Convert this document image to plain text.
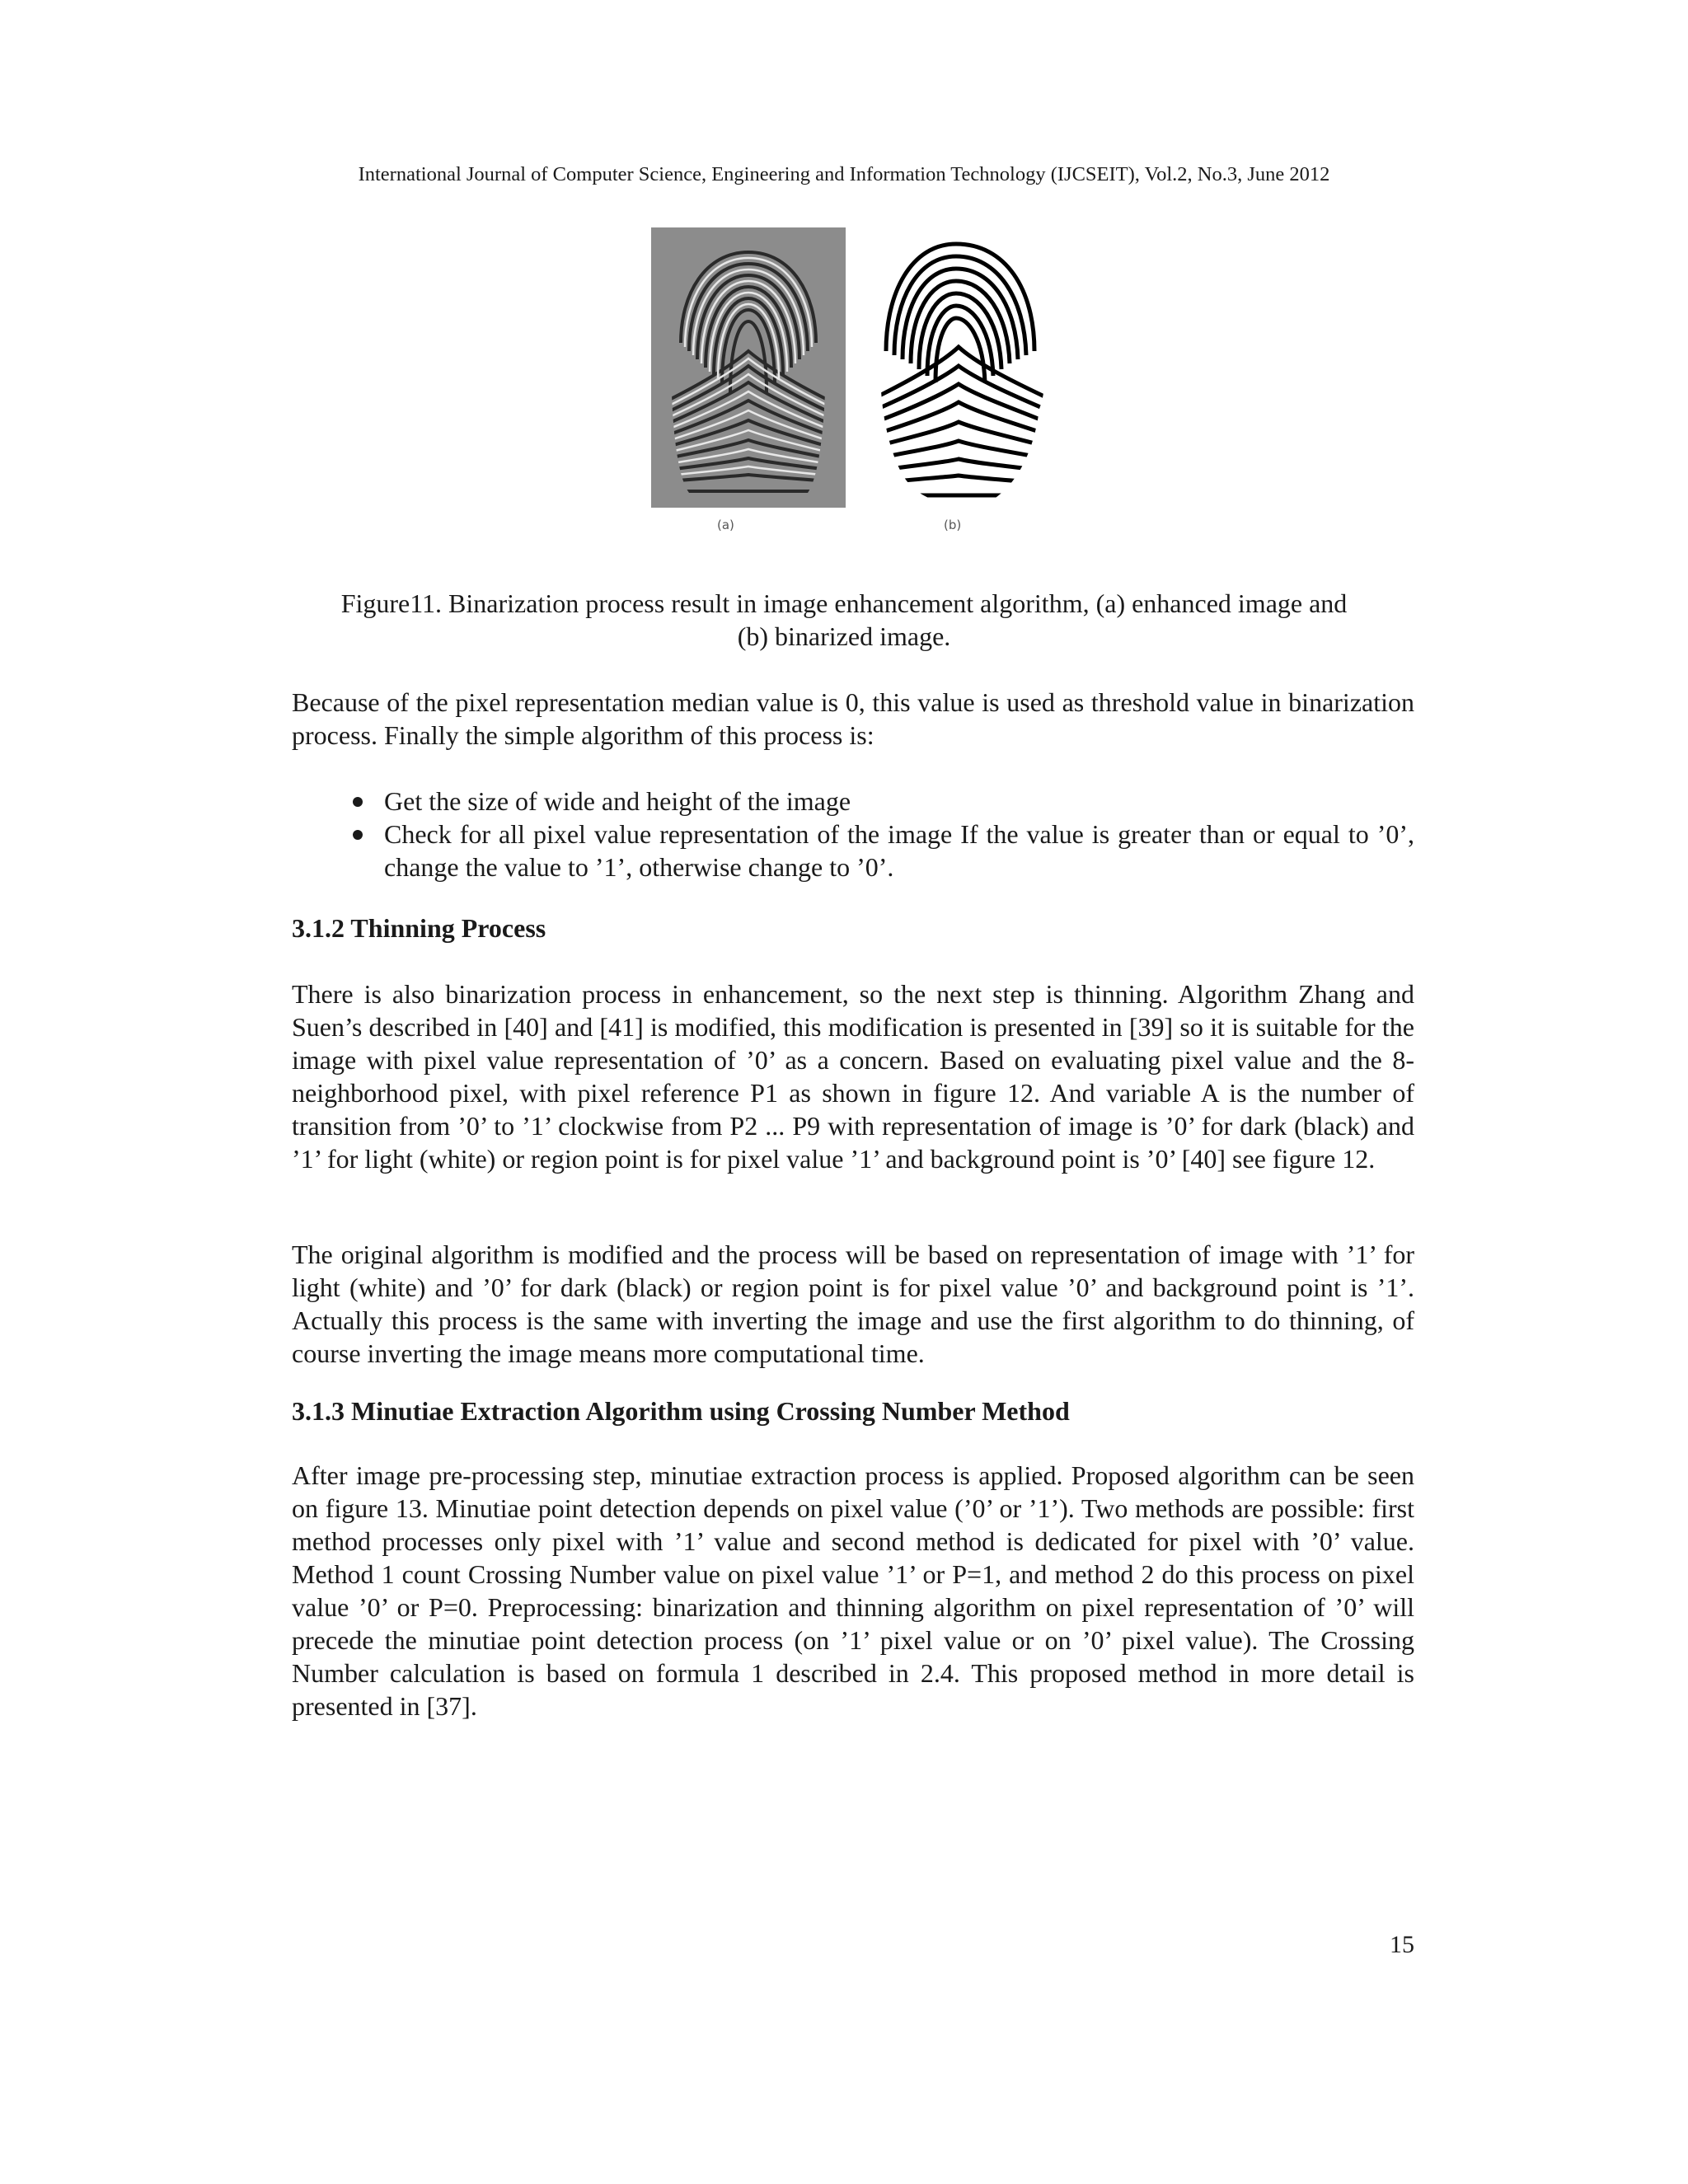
International Journal of Computer Science, Engineering and Information Technology (IJCSEIT), Vol.2, No.3, June 2012
(a)	(b)
Figure11. Binarization process result in image enhancement algorithm, (a) enhanced image and
(b) binarized image.

Because of the pixel representation median value is 0, this value is used as threshold value in binarization process. Finally the simple algorithm of this process is:

Get the size of wide and height of the image
Check for all pixel value representation of the image If the value is greater than or equal to ’0’, change the value to ’1’, otherwise change to ’0’.
3.1.2 Thinning Process

There is also binarization process in enhancement, so the next step is thinning. Algorithm Zhang and Suen’s described in [40] and [41] is modified, this modification is presented in [39] so it is suitable for the image with pixel value representation of ’0’ as a concern. Based on evaluating pixel value and the 8-neighborhood pixel, with pixel reference P1 as shown in figure 12. And variable A is the number of transition from ’0’ to ’1’ clockwise from P2 ... P9 with representation of image is ’0’ for dark (black) and ’1’ for light (white) or region point is for pixel value ’1’ and background point is ’0’ [40] see figure 12.

The original algorithm is modified and the process will be based on representation of image with ’1’ for light (white) and ’0’ for dark (black) or region point is for pixel value ’0’ and background point is ’1’. Actually this process is the same with inverting the image and use the first algorithm to do thinning, of course inverting the image means more computational time.

3.1.3 Minutiae Extraction Algorithm using Crossing Number Method

After image pre-processing step, minutiae extraction process is applied. Proposed algorithm can be seen on figure 13. Minutiae point detection depends on pixel value (’0’ or ’1’). Two methods are possible: first method processes only pixel with ’1’ value and second method is dedicated for pixel with ’0’ value. Method 1 count Crossing Number value on pixel value ’1’ or P=1, and method 2 do this process on pixel value ’0’ or P=0. Preprocessing: binarization and thinning algorithm on pixel representation of ’0’ will precede the minutiae point detection process (on ’1’ pixel value or on ’0’ pixel value). The Crossing Number calculation is based on formula 1 described in 2.4. This proposed method in more detail is presented in [37].

15
